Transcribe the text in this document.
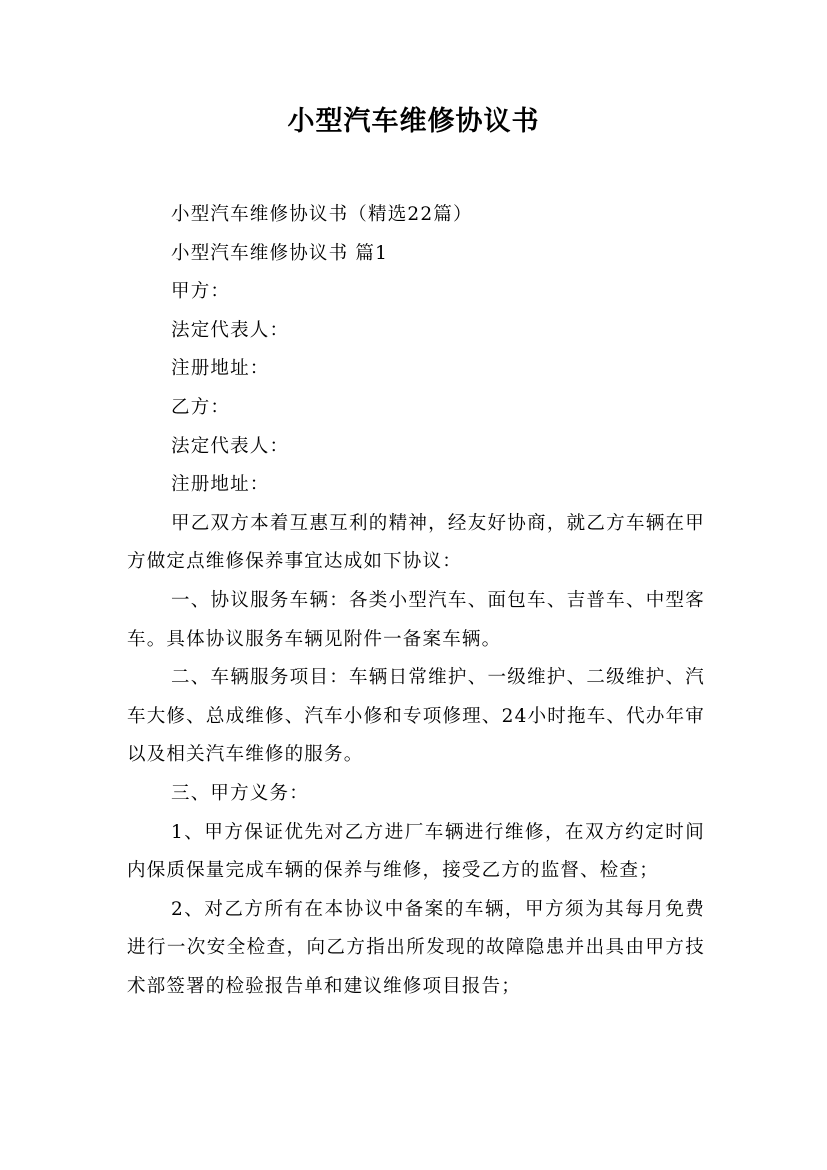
小型汽车维修协议书

小型汽车维修协议书（精选22篇）

小型汽车维修协议书 篇1

甲方：

法定代表人：

注册地址：

乙方：

法定代表人：

注册地址：

甲乙双方本着互惠互利的精神，经友好协商，就乙方车辆在甲方做定点维修保养事宜达成如下协议：

一、协议服务车辆：各类小型汽车、面包车、吉普车、中型客车。具体协议服务车辆见附件一备案车辆。

二、车辆服务项目：车辆日常维护、一级维护、二级维护、汽车大修、总成维修、汽车小修和专项修理、24小时拖车、代办年审以及相关汽车维修的服务。

三、甲方义务：

1、甲方保证优先对乙方进厂车辆进行维修，在双方约定时间内保质保量完成车辆的保养与维修，接受乙方的监督、检查；

2、对乙方所有在本协议中备案的车辆，甲方须为其每月免费进行一次安全检查，向乙方指出所发现的故障隐患并出具由甲方技术部签署的检验报告单和建议维修项目报告；
